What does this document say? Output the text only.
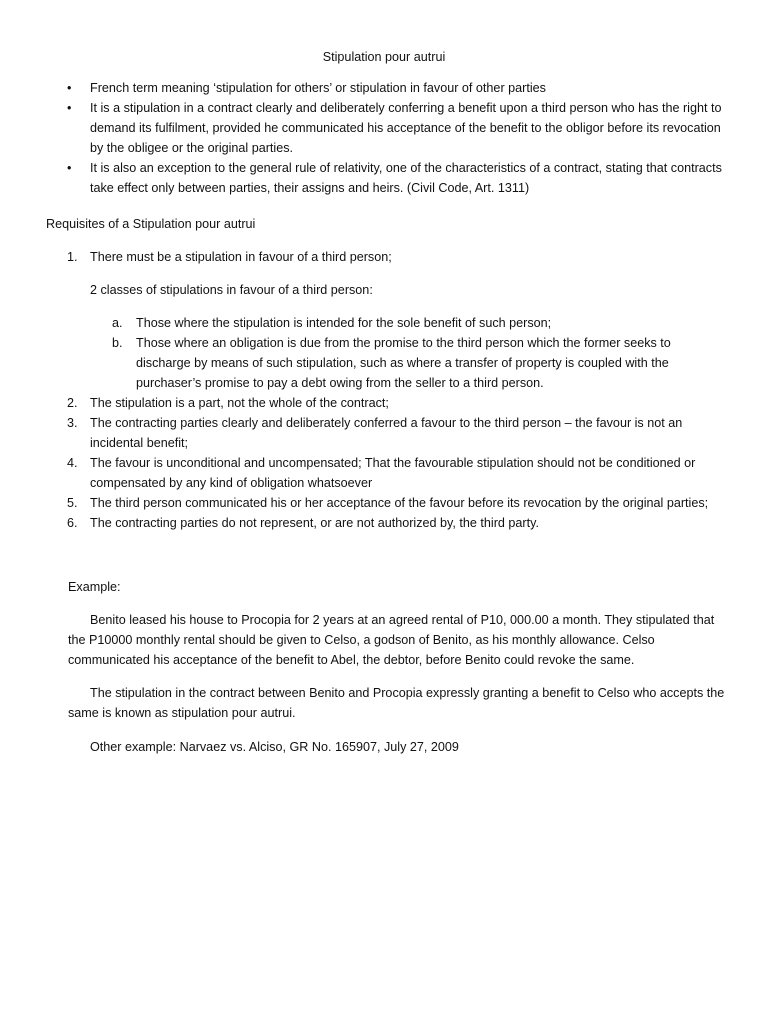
Stipulation pour autrui
• French term meaning ‘stipulation for others’ or stipulation in favour of other parties
• It is a stipulation in a contract clearly and deliberately conferring a benefit upon a third person who has the right to demand its fulfilment, provided he communicated his acceptance of the benefit to the obligor before its revocation by the obligee or the original parties.
• It is also an exception to the general rule of relativity, one of the characteristics of a contract, stating that contracts take effect only between parties, their assigns and heirs. (Civil Code, Art. 1311)
Requisites of a Stipulation pour autrui
1. There must be a stipulation in favour of a third person;
2 classes of stipulations in favour of a third person:
a. Those where the stipulation is intended for the sole benefit of such person;
b. Those where an obligation is due from the promise to the third person which the former seeks to discharge by means of such stipulation, such as where a transfer of property is coupled with the purchaser’s promise to pay a debt owing from the seller to a third person.
2. The stipulation is a part, not the whole of the contract;
3. The contracting parties clearly and deliberately conferred a favour to the third person – the favour is not an incidental benefit;
4. The favour is unconditional and uncompensated; That the favourable stipulation should not be conditioned or compensated by any kind of obligation whatsoever
5. The third person communicated his or her acceptance of the favour before its revocation by the original parties;
6. The contracting parties do not represent, or are not authorized by, the third party.
Example:
Benito leased his house to Procopia for 2 years at an agreed rental of P10, 000.00 a month. They stipulated that the P10000 monthly rental should be given to Celso, a godson of Benito, as his monthly allowance. Celso communicated his acceptance of the benefit to Abel, the debtor, before Benito could revoke the same.
The stipulation in the contract between Benito and Procopia expressly granting a benefit to Celso who accepts the same is known as stipulation pour autrui.
Other example: Narvaez vs. Alciso, GR No. 165907, July 27, 2009
